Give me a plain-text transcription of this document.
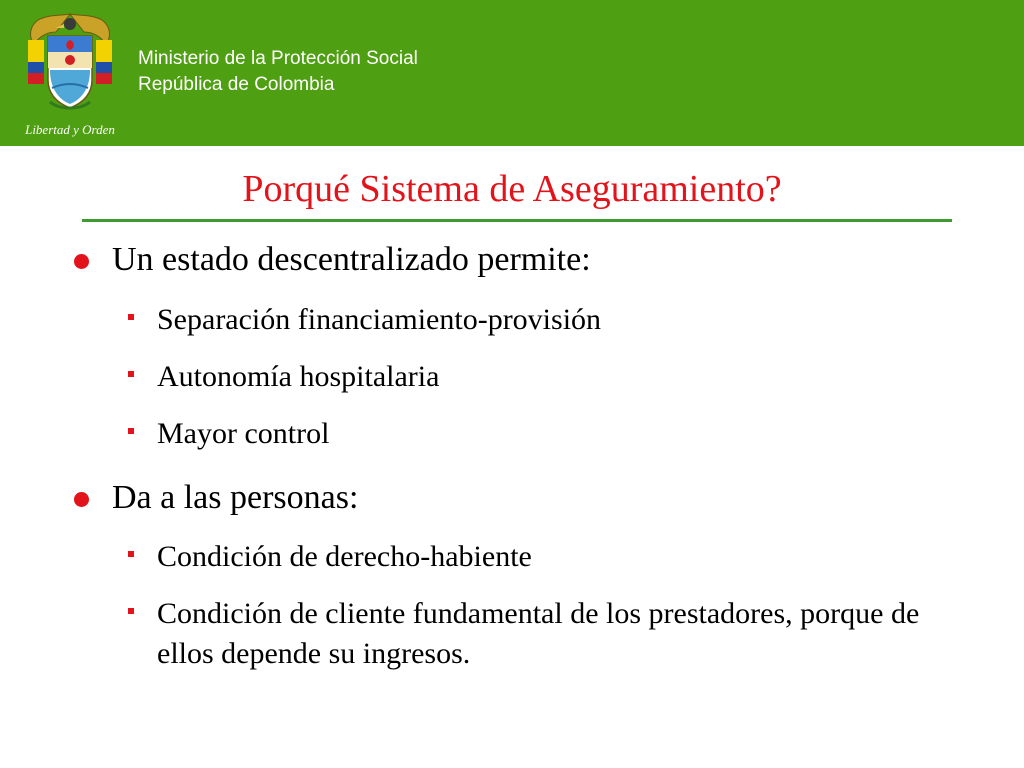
Libertad y Orden
Ministerio de la Protección Social
República de Colombia
Porqué Sistema de Aseguramiento?
Un estado descentralizado permite:
Separación financiamiento-provisión
Autonomía hospitalaria
Mayor control
Da a las personas:
Condición de derecho-habiente
Condición de cliente fundamental de los prestadores, porque de ellos depende su ingresos.
